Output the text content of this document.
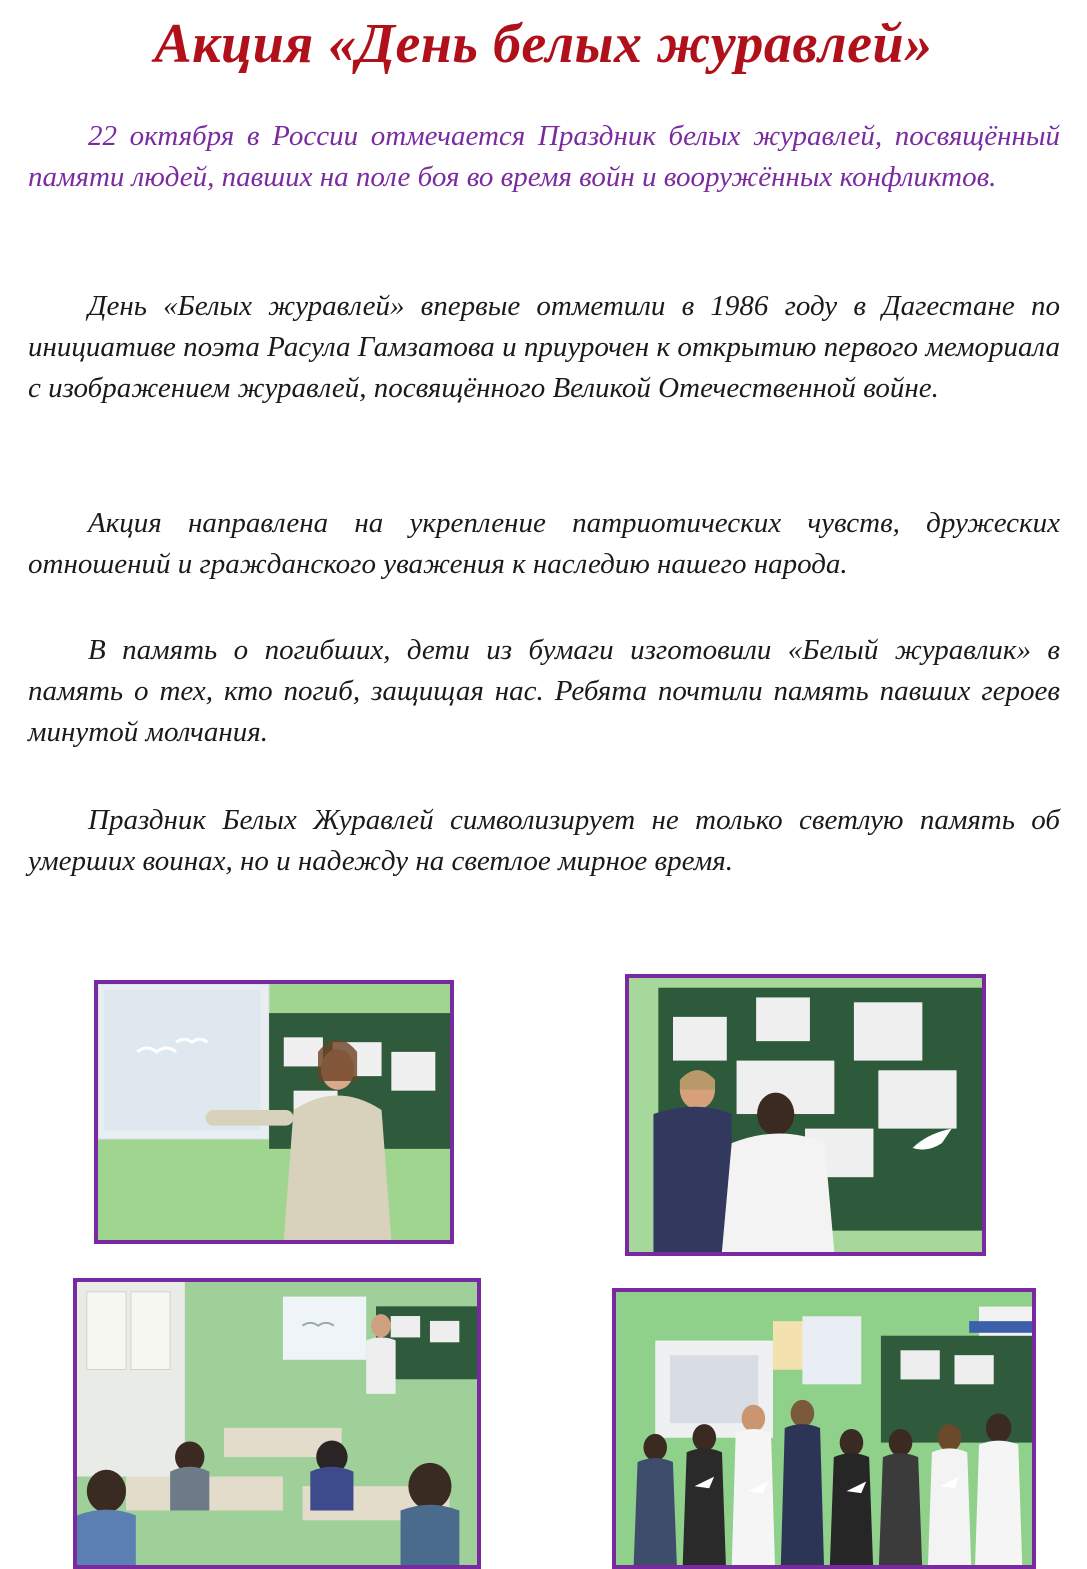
Акция «День белых журавлей»

22 октября в России отмечается Праздник белых журавлей, посвящённый памяти людей, павших на поле боя во время войн и вооружённых конфликтов.

День «Белых журавлей» впервые отметили в 1986 году в Дагестане по инициативе поэта Расула Гамзатова и приурочен к открытию первого мемориала с изображением журавлей, посвящённого Великой Отечественной войне.

Акция направлена на укрепление патриотических чувств, дружеских отношений и гражданского уважения к наследию нашего народа.

В память о погибших, дети из бумаги изготовили «Белый журавлик» в память о тех, кто погиб, защищая нас. Ребята почтили память павших героев минутой молчания.

Праздник Белых Журавлей символизирует не только светлую память об умерших воинах, но и надежду на светлое мирное время.
